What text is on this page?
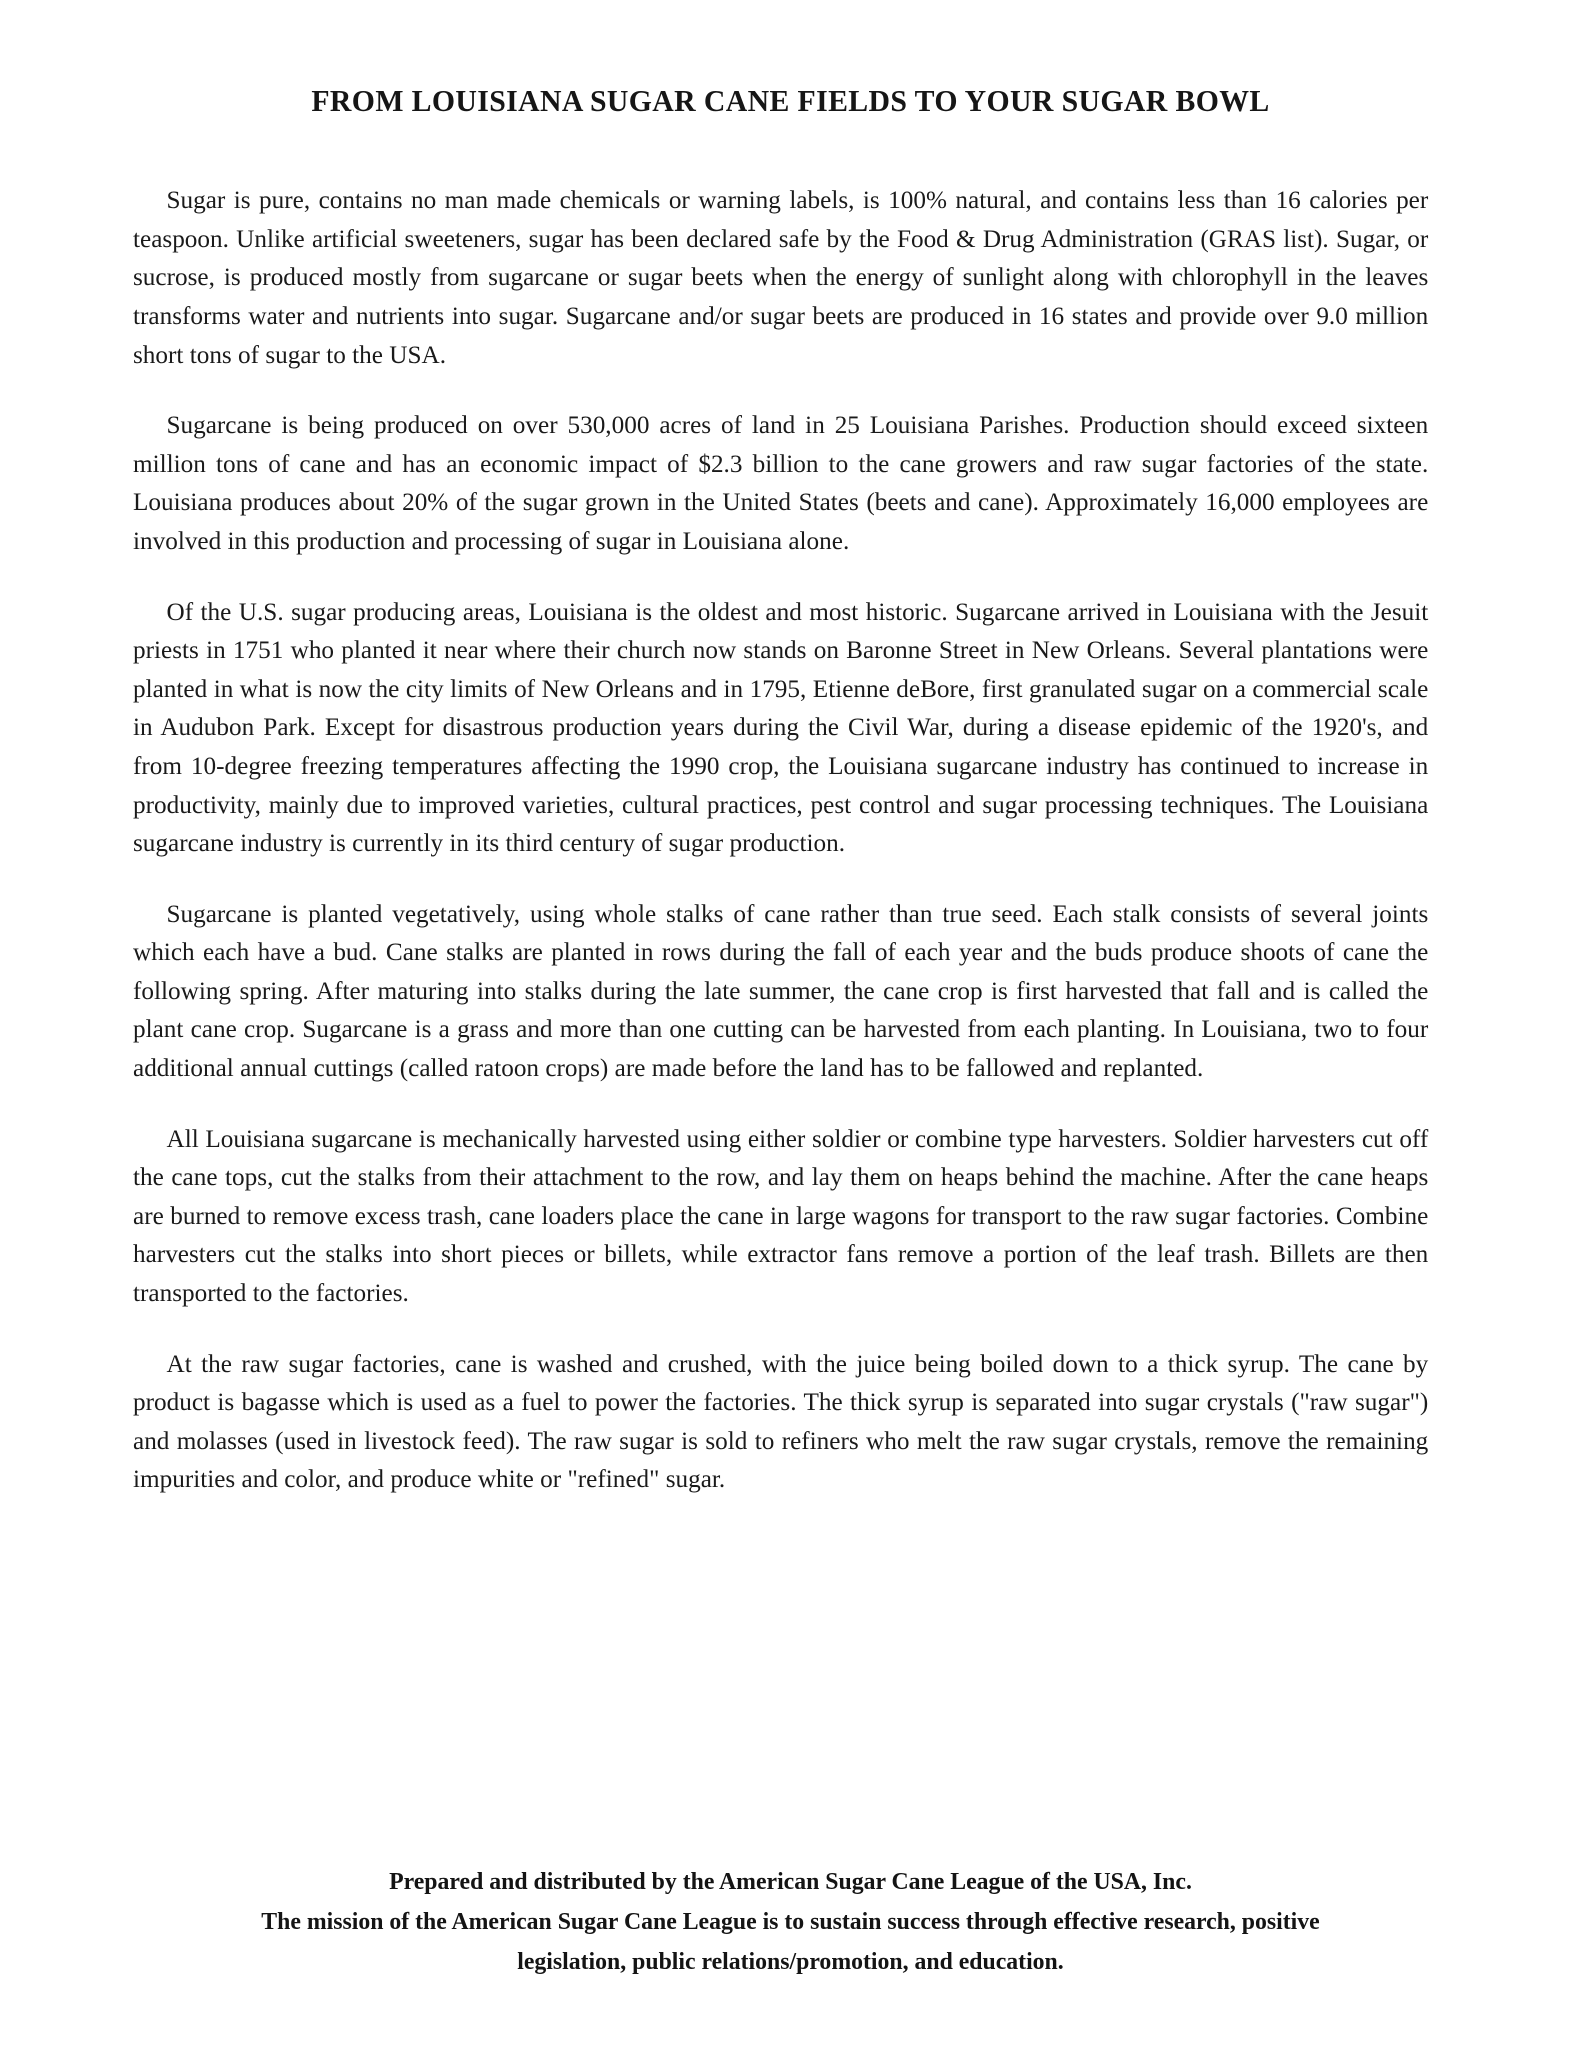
FROM LOUISIANA SUGAR CANE FIELDS TO YOUR SUGAR BOWL

Sugar is pure, contains no man made chemicals or warning labels, is 100% natural, and contains less than 16 calories per teaspoon. Unlike artificial sweeteners, sugar has been declared safe by the Food & Drug Administration (GRAS list). Sugar, or sucrose, is produced mostly from sugarcane or sugar beets when the energy of sunlight along with chlorophyll in the leaves transforms water and nutrients into sugar. Sugarcane and/or sugar beets are produced in 16 states and provide over 9.0 million short tons of sugar to the USA.

Sugarcane is being produced on over 530,000 acres of land in 25 Louisiana Parishes. Production should exceed sixteen million tons of cane and has an economic impact of $2.3 billion to the cane growers and raw sugar factories of the state. Louisiana produces about 20% of the sugar grown in the United States (beets and cane). Approximately 16,000 employees are involved in this production and processing of sugar in Louisiana alone.

Of the U.S. sugar producing areas, Louisiana is the oldest and most historic. Sugarcane arrived in Louisiana with the Jesuit priests in 1751 who planted it near where their church now stands on Baronne Street in New Orleans. Several plantations were planted in what is now the city limits of New Orleans and in 1795, Etienne deBore, first granulated sugar on a commercial scale in Audubon Park. Except for disastrous production years during the Civil War, during a disease epidemic of the 1920's, and from 10-degree freezing temperatures affecting the 1990 crop, the Louisiana sugarcane industry has continued to increase in productivity, mainly due to improved varieties, cultural practices, pest control and sugar processing techniques. The Louisiana sugarcane industry is currently in its third century of sugar production.

Sugarcane is planted vegetatively, using whole stalks of cane rather than true seed. Each stalk consists of several joints which each have a bud. Cane stalks are planted in rows during the fall of each year and the buds produce shoots of cane the following spring. After maturing into stalks during the late summer, the cane crop is first harvested that fall and is called the plant cane crop. Sugarcane is a grass and more than one cutting can be harvested from each planting. In Louisiana, two to four additional annual cuttings (called ratoon crops) are made before the land has to be fallowed and replanted.

All Louisiana sugarcane is mechanically harvested using either soldier or combine type harvesters. Soldier harvesters cut off the cane tops, cut the stalks from their attachment to the row, and lay them on heaps behind the machine. After the cane heaps are burned to remove excess trash, cane loaders place the cane in large wagons for transport to the raw sugar factories. Combine harvesters cut the stalks into short pieces or billets, while extractor fans remove a portion of the leaf trash. Billets are then transported to the factories.

At the raw sugar factories, cane is washed and crushed, with the juice being boiled down to a thick syrup. The cane by product is bagasse which is used as a fuel to power the factories. The thick syrup is separated into sugar crystals ("raw sugar") and molasses (used in livestock feed). The raw sugar is sold to refiners who melt the raw sugar crystals, remove the remaining impurities and color, and produce white or "refined" sugar.

Prepared and distributed by the American Sugar Cane League of the USA, Inc.
The mission of the American Sugar Cane League is to sustain success through effective research, positive
legislation, public relations/promotion, and education.
